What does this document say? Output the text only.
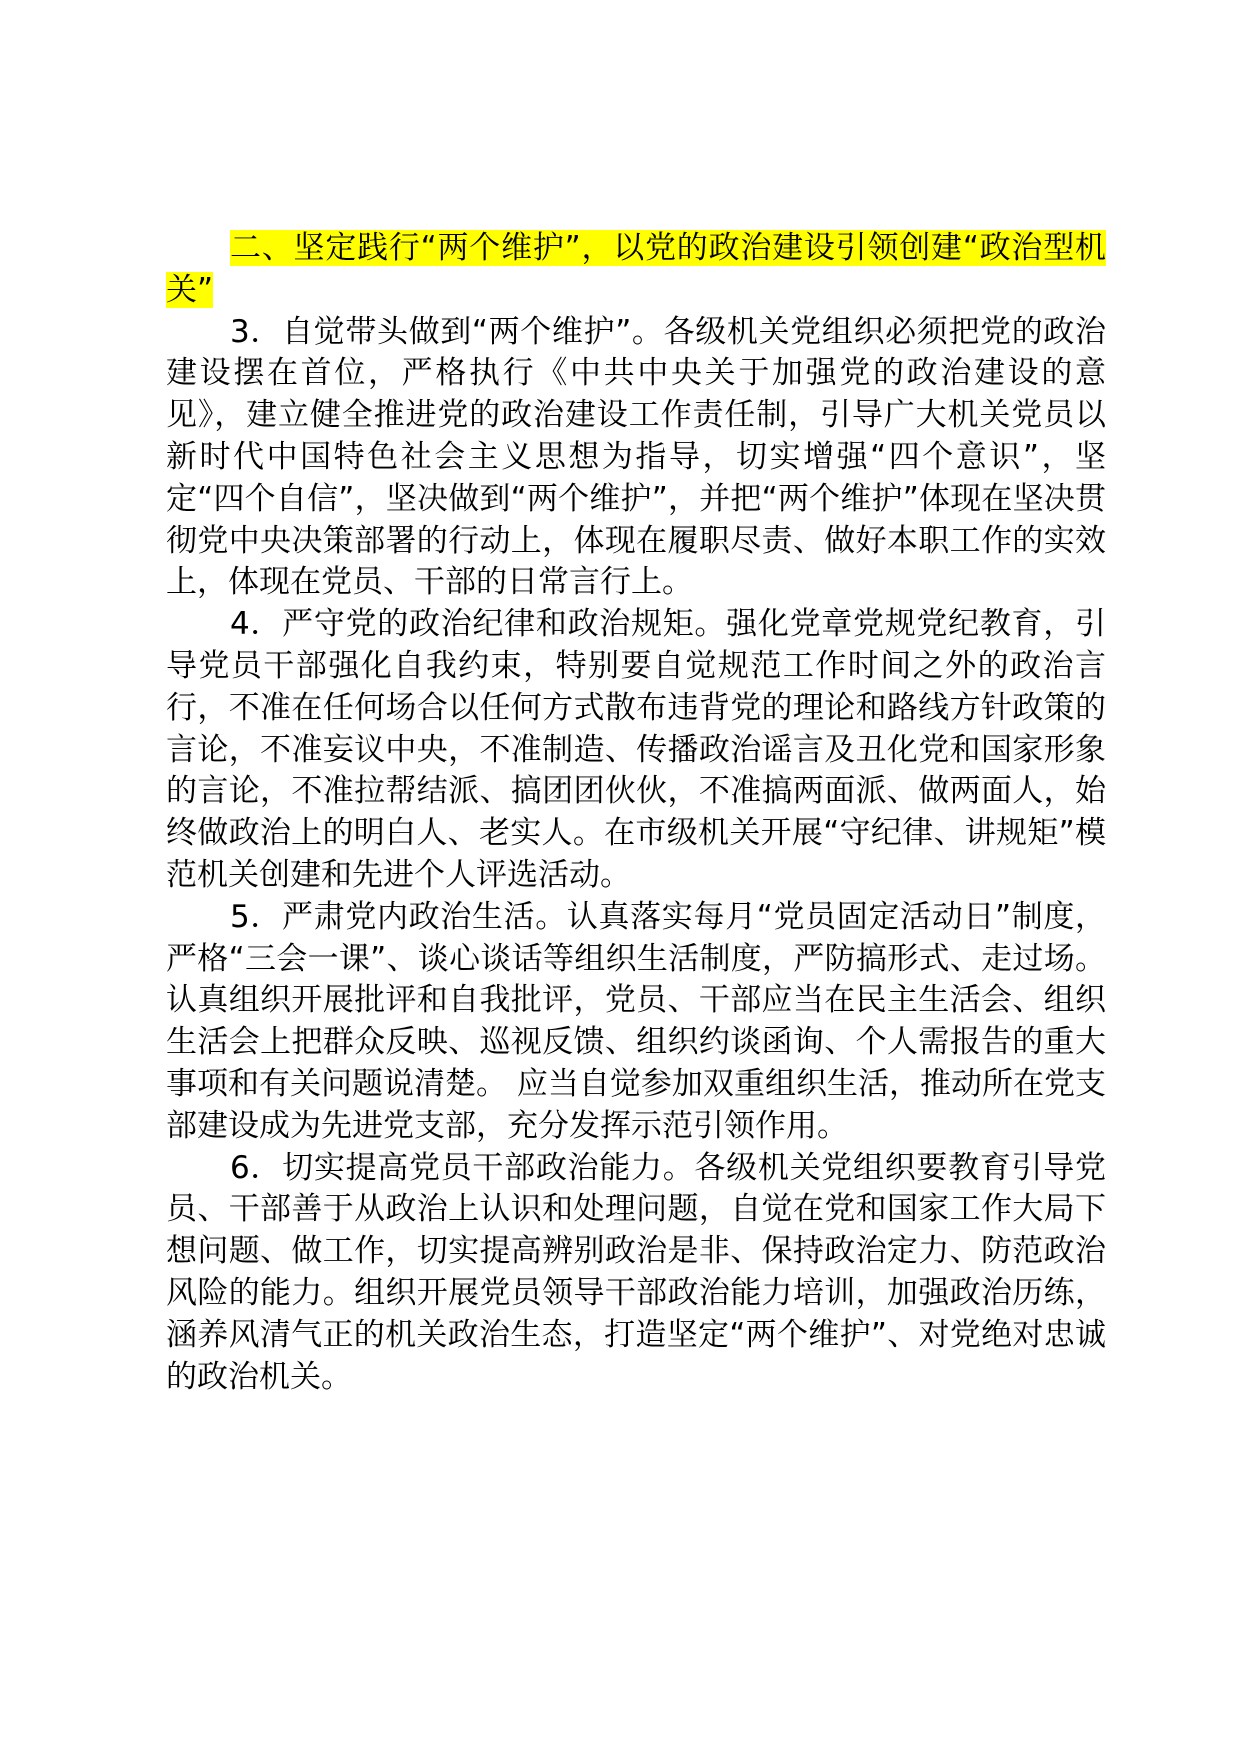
二、坚定践行“两个维护”，以党的政治建设引领创建“政治型机关”

3．自觉带头做到“两个维护”。各级机关党组织必须把党的政治建设摆在首位，严格执行《中共中央关于加强党的政治建设的意见》，建立健全推进党的政治建设工作责任制，引导广大机关党员以 新时代中国特色社会主义思想为指导，切实增强“四个意识”，坚定“四个自信”，坚决做到“两个维护”，并把“两个维护”体现在坚决贯彻党中央决策部署的行动上，体现在履职尽责、做好本职工作的实效上，体现在党员、干部的日常言行上。

4．严守党的政治纪律和政治规矩。强化党章党规党纪教育，引导党员干部强化自我约束，特别要自觉规范工作时间之外的政治言行，不准在任何场合以任何方式散布违背党的理论和路线方针政策的言论，不准妄议中央，不准制造、传播政治谣言及丑化党和国家形象的言论，不准拉帮结派、搞团团伙伙，不准搞两面派、做两面人，始终做政治上的明白人、老实人。在市级机关开展“守纪律、讲规矩”模范机关创建和先进个人评选活动。

5．严肃党内政治生活。认真落实每月“党员固定活动日”制度，严格“三会一课”、谈心谈话等组织生活制度，严防搞形式、走过场。认真组织开展批评和自我批评，党员、干部应当在民主生活会、组织生活会上把群众反映、巡视反馈、组织约谈函询、个人需报告的重大事项和有关问题说清楚。 应当自觉参加双重组织生活，推动所在党支部建设成为先进党支部，充分发挥示范引领作用。

6．切实提高党员干部政治能力。各级机关党组织要教育引导党员、干部善于从政治上认识和处理问题，自觉在党和国家工作大局下想问题、做工作，切实提高辨别政治是非、保持政治定力、防范政治风险的能力。组织开展党员领导干部政治能力培训，加强政治历练，涵养风清气正的机关政治生态，打造坚定“两个维护”、对党绝对忠诚的政治机关。
